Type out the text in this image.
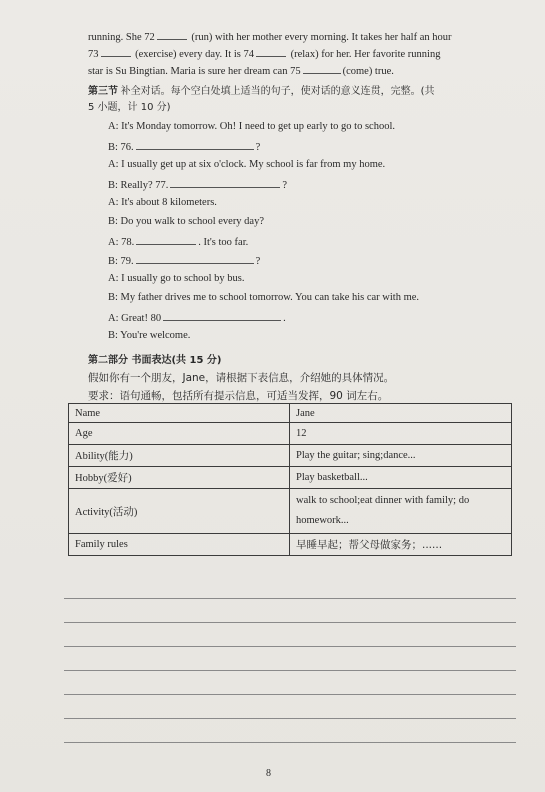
running. She 72	(run) with her mother every morning. It takes her half an hour
73	(exercise) every day. It is 74	(relax) for her. Her favorite running
star is Su Bingtian. Maria is sure her dream can 75	(come) true.
第三节 补全对话。每个空白处填上适当的句子，使对话的意义连贯，完整。(共
5 小题，计 10 分)
A: It's Monday tomorrow. Oh! I need to get up early to go to school.
B: 76.	?
A: I usually get up at six o'clock. My school is far from my home.
B: Really? 77.	?
A: It's about 8 kilometers.
B: Do you walk to school every day?
A: 78.	. It's too far.
B: 79.	?
A: I usually go to school by bus.
B: My father drives me to school tomorrow. You can take his car with me.
A: Great! 80	.
B: You're welcome.
第二部分 书面表达(共 15 分)
假如你有一个朋友，Jane，请根据下表信息，介绍她的具体情况。
要求：语句通畅，包括所有提示信息，可适当发挥，90 词左右。
Name	Jane
Age	12
Ability(能力)	Play the guitar; sing;dance...
Hobby(爱好)	Play basketball...
Activity(活动)	walk to school;eat dinner with family; do homework...
Family rules	早睡早起；帮父母做家务；......
8
